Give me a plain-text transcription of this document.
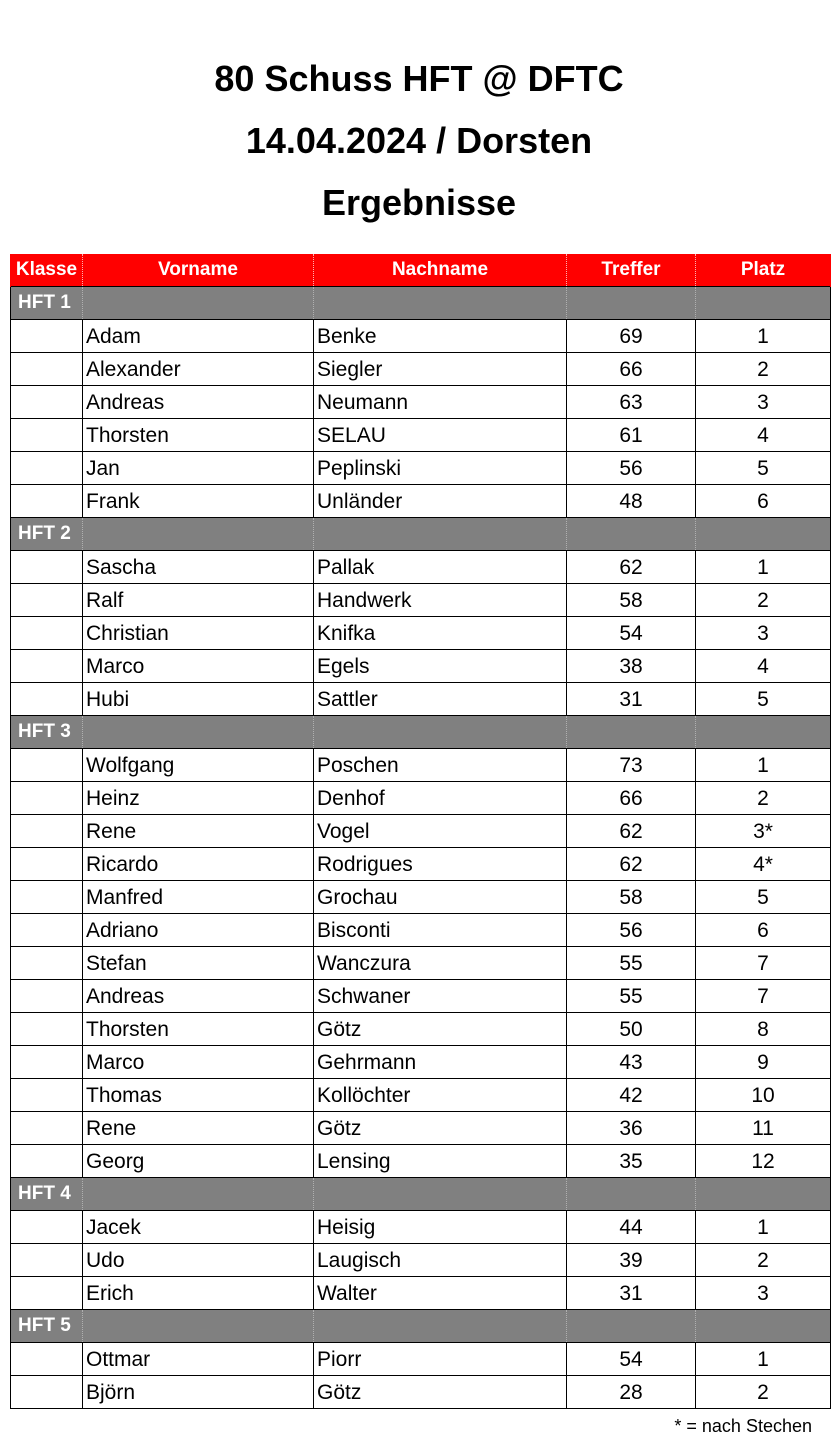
80 Schuss HFT @ DFTC
14.04.2024 / Dorsten
Ergebnisse
Klasse	Vorname	Nachname	Treffer	Platz
HFT 1				
	Adam	Benke	69	1
	Alexander	Siegler	66	2
	Andreas	Neumann	63	3
	Thorsten	SELAU	61	4
	Jan	Peplinski	56	5
	Frank	Unländer	48	6
HFT 2				
	Sascha	Pallak	62	1
	Ralf	Handwerk	58	2
	Christian	Knifka	54	3
	Marco	Egels	38	4
	Hubi	Sattler	31	5
HFT 3				
	Wolfgang	Poschen	73	1
	Heinz	Denhof	66	2
	Rene	Vogel	62	3*
	Ricardo	Rodrigues	62	4*
	Manfred	Grochau	58	5
	Adriano	Bisconti	56	6
	Stefan	Wanczura	55	7
	Andreas	Schwaner	55	7
	Thorsten	Götz	50	8
	Marco	Gehrmann	43	9
	Thomas	Kollöchter	42	10
	Rene	Götz	36	11
	Georg	Lensing	35	12
HFT 4				
	Jacek	Heisig	44	1
	Udo	Laugisch	39	2
	Erich	Walter	31	3
HFT 5				
	Ottmar	Piorr	54	1
	Björn	Götz	28	2
* = nach Stechen
